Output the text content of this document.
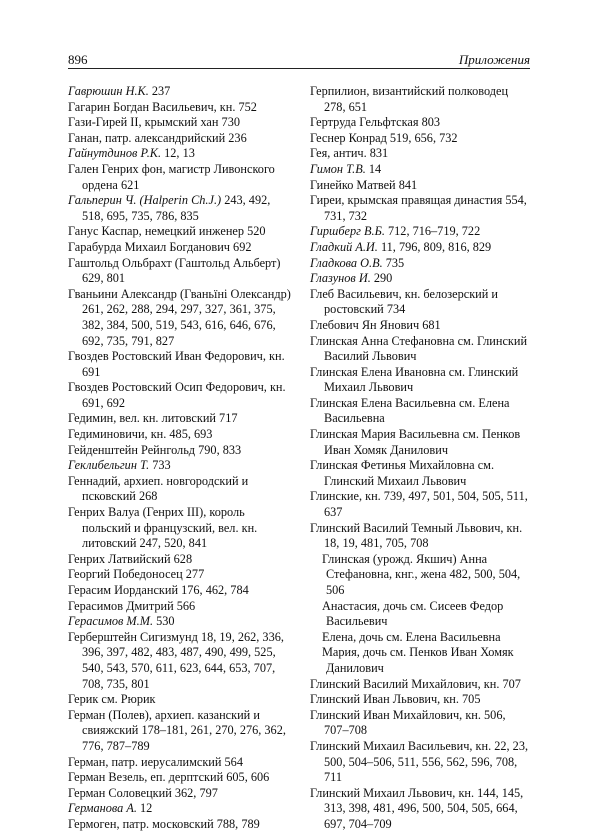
896	Приложения

Гаврюшин Н.К. 237

Гагарин Богдан Васильевич, кн. 752

Гази-Гирей II, крымский хан 730

Ганан, патр. александрийский 236

Гайнутдинов Р.К. 12, 13

Гален Генрих фон, магистр Ливонского ордена 621

Гальперин Ч. (Halperin Ch.J.) 243, 492, 518, 695, 735, 786, 835

Ганус Каспар, немецкий инженер 520

Гарабурда Михаил Богданович 692

Гаштольд Ольбрахт (Гаштольд Альберт) 629, 801

Гваньини Александр (Гваньїнi Олександр) 261, 262, 288, 294, 297, 327, 361, 375, 382, 384, 500, 519, 543, 616, 646, 676, 692, 735, 791, 827

Гвоздев Ростовский Иван Федорович, кн. 691

Гвоздев Ростовский Осип Федорович, кн. 691, 692

Гедимин, вел. кн. литовский 717

Гедиминовичи, кн. 485, 693

Гейденштейн Рейнгольд 790, 833

Геклибельгин Т. 733

Геннадий, архиеп. новгородский и псковский 268

Генрих Валуа (Генрих III), король польский и французский, вел. кн. литовский 247, 520, 841

Генрих Латвийский 628

Георгий Победоносец 277

Герасим Иорданский 176, 462, 784

Герасимов Дмитрий 566

Герасимов М.М. 530

Герберштейн Сигизмунд 18, 19, 262, 336, 396, 397, 482, 483, 487, 490, 499, 525, 540, 543, 570, 611, 623, 644, 653, 707, 708, 735, 801

Герик см. Рюрик

Герман (Полев), архиеп. казанский и свияжский 178–181, 261, 270, 276, 362, 776, 787–789

Герман, патр. иерусалимский 564

Герман Везель, еп. дерптский 605, 606

Герман Соловецкий 362, 797

Германова А. 12

Гермоген, патр. московский 788, 789

Герпилион, византийский полководец 278, 651

Гертруда Гельфтская 803

Геснер Конрад 519, 656, 732

Гея, антич. 831

Гимон Т.В. 14

Гинейко Матвей 841

Гиреи, крымская правящая династия 554, 731, 732

Гиршберг В.Б. 712, 716–719, 722

Гладкий А.И. 11, 796, 809, 816, 829

Гладкова О.В. 735

Глазунов И. 290

Глеб Васильевич, кн. белозерский и ростовский 734

Глебович Ян Янович 681

Глинская Анна Стефановна см. Глинский Василий Львович

Глинская Елена Ивановна см. Глинский Михаил Львович

Глинская Елена Васильевна см. Елена Васильевна

Глинская Мария Васильевна см. Пенков Иван Хомяк Данилович

Глинская Фетинья Михайловна см. Глинский Михаил Львович

Глинские, кн. 739, 497, 501, 504, 505, 511, 637

Глинский Василий Темный Львович, кн. 18, 19, 481, 705, 708

Глинская (урожд. Якшич) Анна Стефановна, кнг., жена 482, 500, 504, 506

Анастасия, дочь см. Сисеев Федор Васильевич

Елена, дочь см. Елена Васильевна

Мария, дочь см. Пенков Иван Хомяк Данилович

Глинский Василий Михайлович, кн. 707

Глинский Иван Львович, кн. 705

Глинский Иван Михайлович, кн. 506, 707–708

Глинский Михаил Васильевич, кн. 22, 23, 500, 504–506, 511, 556, 562, 596, 708, 711

Глинский Михаил Львович, кн. 144, 145, 313, 398, 481, 496, 500, 504, 505, 664, 697, 704–709
